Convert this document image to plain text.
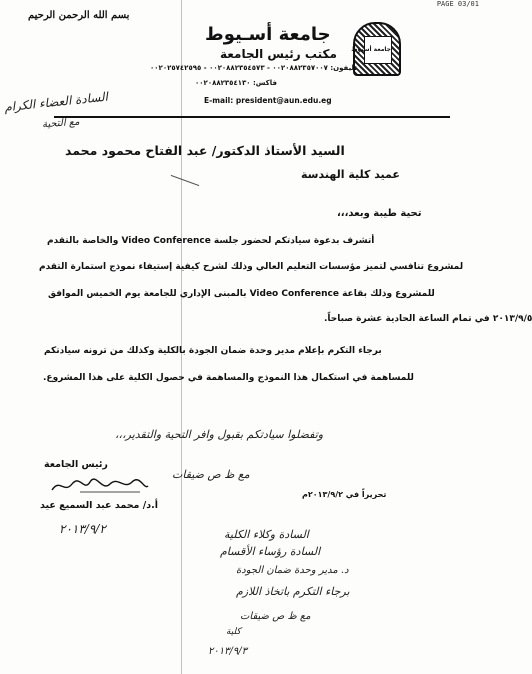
PAGE 03/01
بسم الله الرحمن الرحيم
جامعة أسيوط
جامعة أسـيوط
مكتب رئيس الجامعة
تليفون: ٠٠٢٠٨٨٢٣٥٧٠٠٧ - ٠٠٢٠٨٨٢٣٥٤٥٧٣ - ٠٠٢٠٢٥٧٤٢٥٩٥
فاكس: ٠٠٢٠٨٨٢٣٥٤١٣٠
E-mail: president@aun.edu.eg
السادة العضاء الكرام
مع التحية
السيد الأستاذ الدكتور/ عبد الفتاح محمود محمد
عميد كلية الهندسة
تحية طيبة وبعد،،،
أتشرف بدعوة سيادتكم لحضور جلسة Video Conference والخاصة بالتقدم
لمشروع تنافسي لتميز مؤسسات التعليم العالي وذلك لشرح كيفية إستيفاء نموذج استمارة التقدم
للمشروع وذلك بقاعة Video Conference بالمبنى الإداري للجامعة يوم الخميس الموافق
٢٠١٣/٩/٥ في تمام الساعة الحادية عشرة صباحاً.
برجاء التكرم بإعلام مدير وحدة ضمان الجودة بالكلية وكذلك من ترونه سيادتكم
للمساهمة في استكمال هذا النموذج والمساهمة في حصول الكلية على هذا المشروع.
وتفضلوا سيادتكم بقبول وافر التحية والتقدير،،،
رئيس الجامعة
أ.د/ محمد عبد السميع عيد
تحريراً في ٢٠١٣/٩/٢م
مع ظ ص ضيقات
٢٠١٣/٩/٢	السادة وكلاء الكلية
السادة رؤساء الأقسام
د. مدير وحدة ضمان الجودة
برجاء التكرم باتخاذ اللازم
مع ظ ص ضيقات
كلية
٢٠١٣/٩/٣
